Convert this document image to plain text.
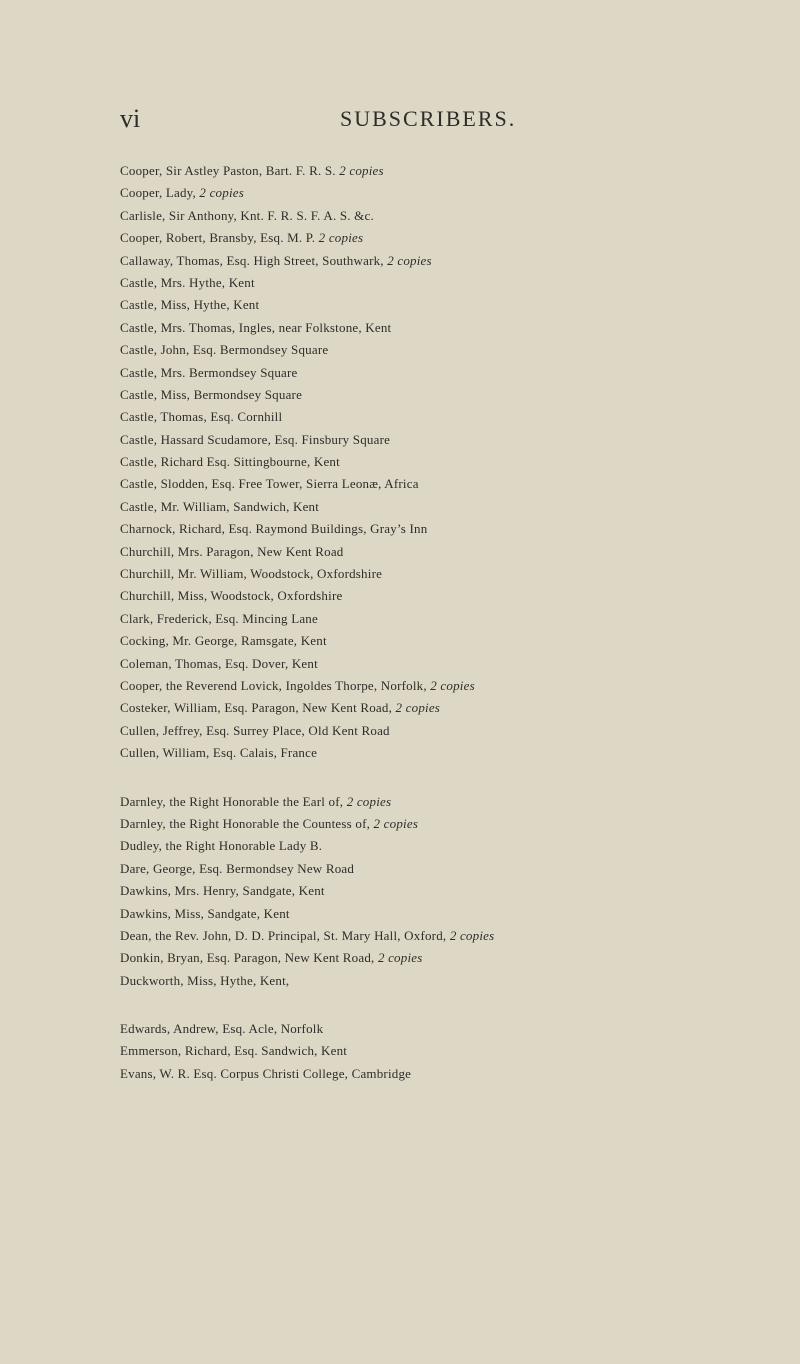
vi	SUBSCRIBERS.
Cooper, Sir Astley Paston, Bart. F. R. S. 2 copies
Cooper, Lady, 2 copies
Carlisle, Sir Anthony, Knt. F. R. S. F. A. S. &c.
Cooper, Robert, Bransby, Esq. M. P. 2 copies
Callaway, Thomas, Esq. High Street, Southwark, 2 copies
Castle, Mrs. Hythe, Kent
Castle, Miss, Hythe, Kent
Castle, Mrs. Thomas, Ingles, near Folkstone, Kent
Castle, John, Esq. Bermondsey Square
Castle, Mrs. Bermondsey Square
Castle, Miss, Bermondsey Square
Castle, Thomas, Esq. Cornhill
Castle, Hassard Scudamore, Esq. Finsbury Square
Castle, Richard Esq. Sittingbourne, Kent
Castle, Slodden, Esq. Free Tower, Sierra Leonæ, Africa
Castle, Mr. William, Sandwich, Kent
Charnock, Richard, Esq. Raymond Buildings, Gray’s Inn
Churchill, Mrs. Paragon, New Kent Road
Churchill, Mr. William, Woodstock, Oxfordshire
Churchill, Miss, Woodstock, Oxfordshire
Clark, Frederick, Esq. Mincing Lane
Cocking, Mr. George, Ramsgate, Kent
Coleman, Thomas, Esq. Dover, Kent
Cooper, the Reverend Lovick, Ingoldes Thorpe, Norfolk, 2 copies
Costeker, William, Esq. Paragon, New Kent Road, 2 copies
Cullen, Jeffrey, Esq. Surrey Place, Old Kent Road
Cullen, William, Esq. Calais, France
Darnley, the Right Honorable the Earl of, 2 copies
Darnley, the Right Honorable the Countess of, 2 copies
Dudley, the Right Honorable Lady B.
Dare, George, Esq. Bermondsey New Road
Dawkins, Mrs. Henry, Sandgate, Kent
Dawkins, Miss, Sandgate, Kent
Dean, the Rev. John, D. D. Principal, St. Mary Hall, Oxford, 2 copies
Donkin, Bryan, Esq. Paragon, New Kent Road, 2 copies
Duckworth, Miss, Hythe, Kent,
Edwards, Andrew, Esq. Acle, Norfolk
Emmerson, Richard, Esq. Sandwich, Kent
Evans, W. R. Esq. Corpus Christi College, Cambridge
